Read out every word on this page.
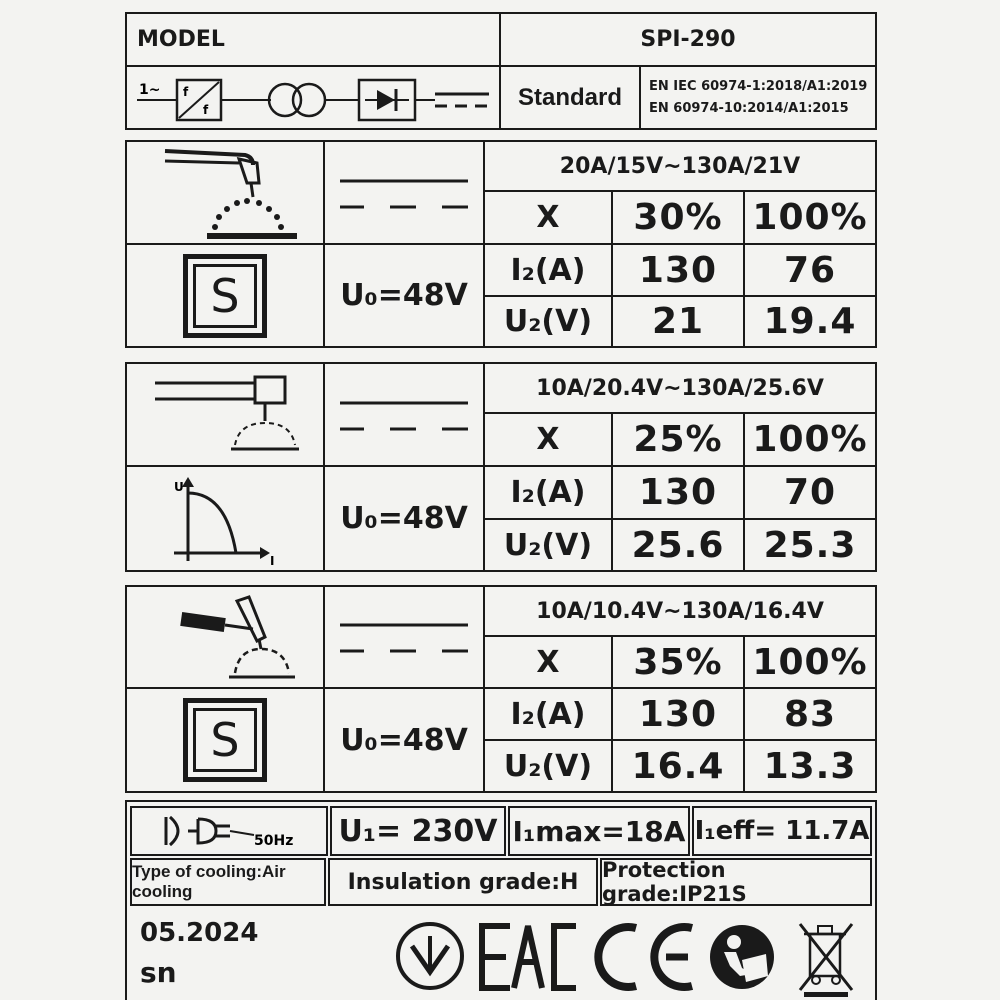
MODEL	SPI-290
1~ f
f	Standard EN IEC 60974-1:2018/A1:2019
EN 60974-10:2014/A1:2015
20A/15V~130A/21V
X 30% 100%
S	U₀=48V
I₂(A) 130 76
U₂(V) 21 19.4
10A/20.4V~130A/25.6V
X 25% 100%
U
I
U₀=48V
I₂(A) 130 70
U₂(V) 25.6 25.3
10A/10.4V~130A/16.4V
X 35% 100%
S	U₀=48V
I₂(A) 130 83
U₂(V) 16.4 13.3
50Hz U₁= 230V I₁max=18A I₁eff= 11.7A
Type of cooling:Air cooling	Insulation grade:H Protection grade:IP21S
05.2024
sn
